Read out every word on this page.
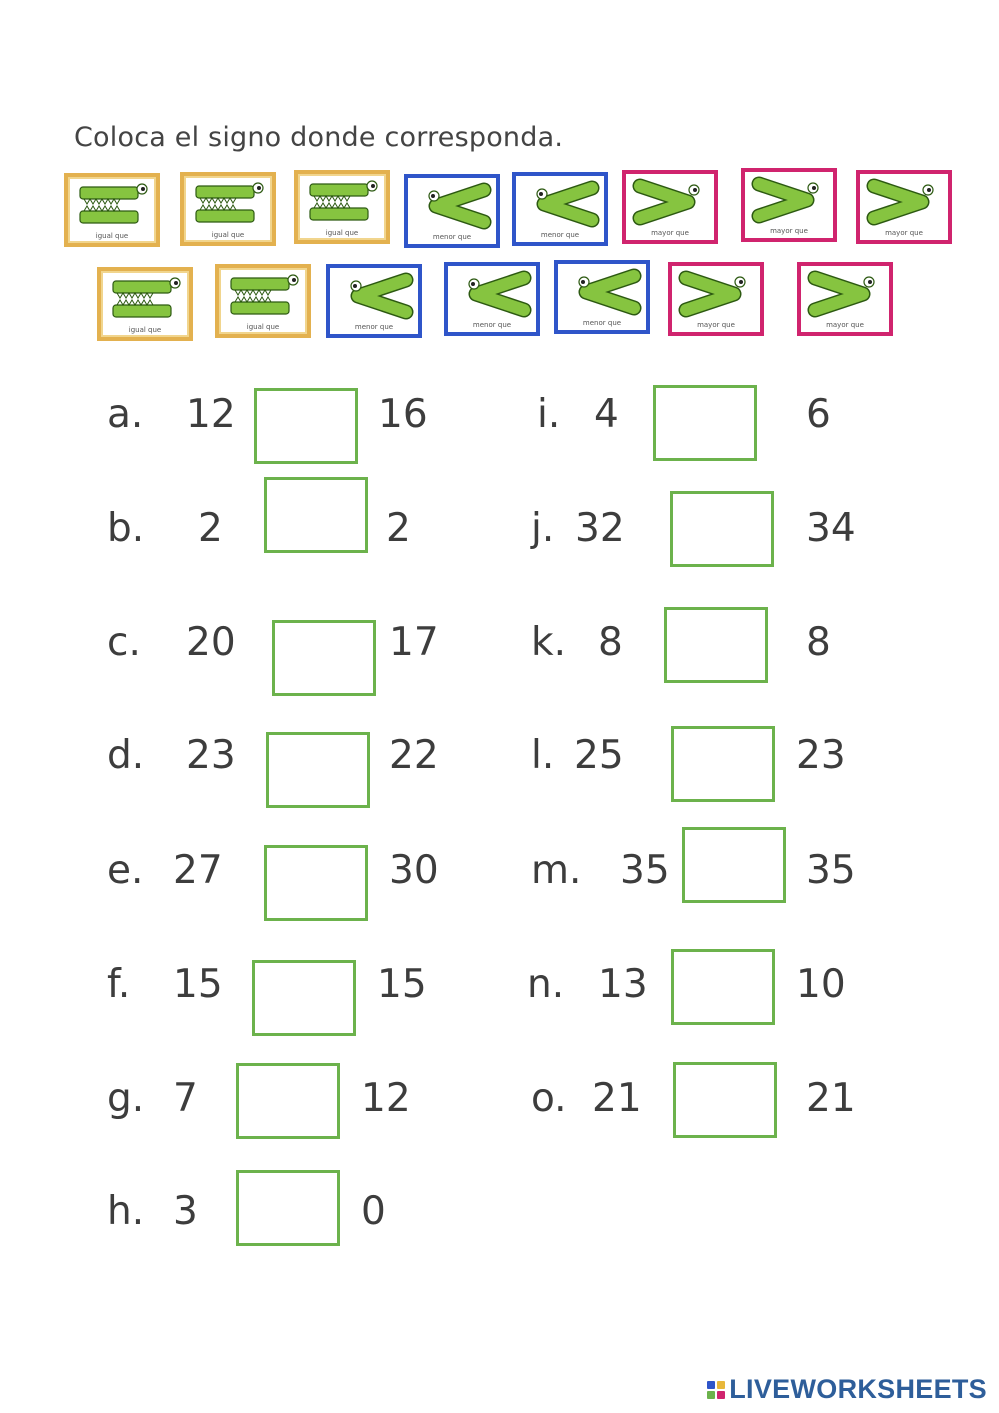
Coloca el signo donde corresponda.
igual que	igual que	igual que	menor que	menor que	mayor que	mayor que	mayor que
igual que	igual que	menor que	menor que	menor que	mayor que	mayor que
a. 12	16
b. 2	2
c. 20	17
d. 23	22
e. 27	30
f. 15	15
g. 7	12
h. 3	0
i. 4	6
j. 32	34
k. 8	8
l. 25	23
m. 35	35
n. 13	10
o. 21	21
LIVEWORKSHEETS
